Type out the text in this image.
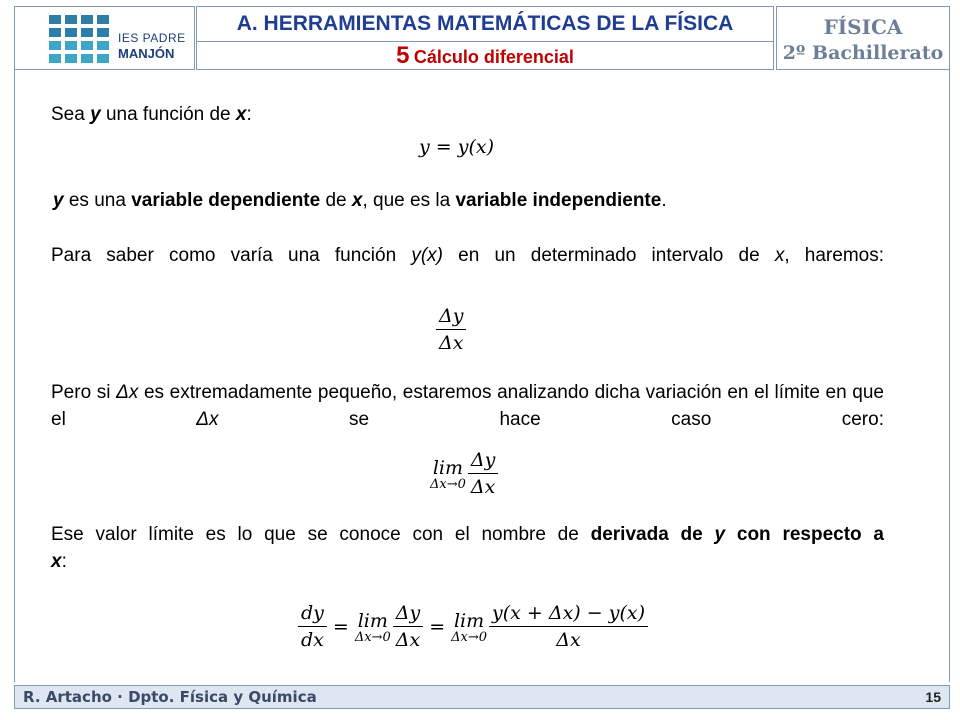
IES PADRE
MANJÓN
A. HERRAMIENTAS MATEMÁTICAS DE LA FÍSICA
5 Cálculo diferencial
FÍSICA
2º Bachillerato
Sea y una función de x:
y = y(x)
y es una variable dependiente de x, que es la variable independiente.
Para saber como varía una función y(x) en un determinado intervalo de x, haremos:
$\frac{\Delta y}{\Delta x}$
Pero si Δx es extremadamente pequeño, estaremos analizando dicha variación en el límite en que el Δx se hace caso cero:
lim
$\Delta x\to 0 \frac{\Delta y}{\Delta x}$
Ese valor límite es lo que se conoce con el nombre de derivada de y con respecto a
x:
$\frac{dy}{dx} = \lim$
$\Delta x\to 0 \frac{\Delta y}{\Delta x} = \lim$
$\Delta x\to 0 \frac{y(x + \Delta x) - y(x)}{\Delta x}$
R. Artacho · Dpto. Física y Química	15
